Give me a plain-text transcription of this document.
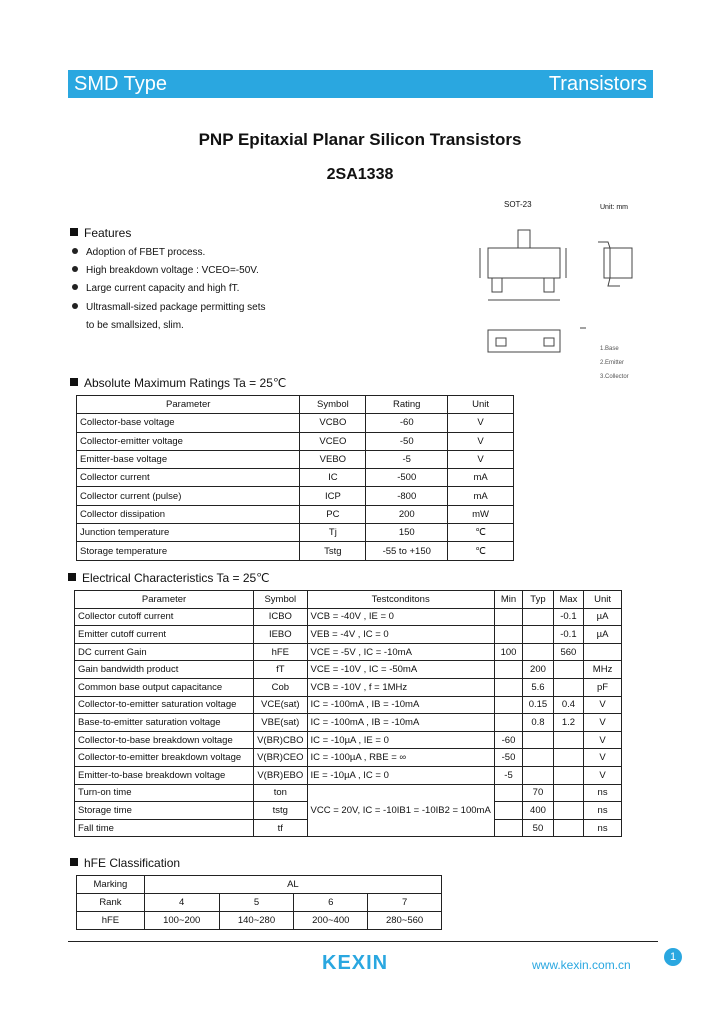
SMD Type	Transistors
PNP Epitaxial Planar Silicon Transistors
2SA1338
Features
Adoption of FBET process.
High breakdown voltage : VCEO=-50V.
Large current capacity and high fT.
Ultrasmall-sized package permitting sets
to be smallsized, slim.
SOT-23	Unit: mm
1.Base
2.Emitter
3.Collector
Absolute Maximum Ratings Ta = 25℃
Parameter	Symbol	Rating	Unit
Collector-base voltage	VCBO	-60	V
Collector-emitter voltage	VCEO	-50	V
Emitter-base voltage	VEBO	-5	V
Collector current	IC	-500	mA
Collector current (pulse)	ICP	-800	mA
Collector dissipation	PC	200	mW
Junction temperature	Tj	150	℃
Storage temperature	Tstg	-55 to +150	℃
Electrical Characteristics Ta = 25℃
Parameter	Symbol	Testconditons	Min	Typ	Max	Unit
Collector cutoff current	ICBO	VCB = -40V , IE = 0			-0.1	µA
Emitter cutoff current	IEBO	VEB = -4V , IC = 0			-0.1	µA
DC current Gain	hFE	VCE = -5V , IC = -10mA	100		560	
Gain bandwidth product	fT	VCE = -10V , IC = -50mA		200		MHz
Common base output capacitance	Cob	VCB = -10V , f = 1MHz		5.6		pF
Collector-to-emitter saturation voltage	VCE(sat)	IC = -100mA , IB = -10mA		0.15	0.4	V
Base-to-emitter saturation voltage	VBE(sat)	IC = -100mA , IB = -10mA		0.8	1.2	V
Collector-to-base breakdown voltage	V(BR)CBO	IC = -10µA , IE = 0	-60			V
Collector-to-emitter breakdown voltage	V(BR)CEO	IC = -100µA , RBE = ∞	-50			V
Emitter-to-base breakdown voltage	V(BR)EBO	IE = -10µA , IC = 0	-5			V
Turn-on time	ton	VCC = 20V, IC = -10IB1 = -10IB2 = 100mA		70		ns
Storage time	tstg			400		ns
Fall time	tf			50		ns
hFE Classification
Marking	AL			
Rank	4	5	6	7
hFE	100~200	140~280	200~400	280~560
KEXIN	www.kexin.com.cn
1
